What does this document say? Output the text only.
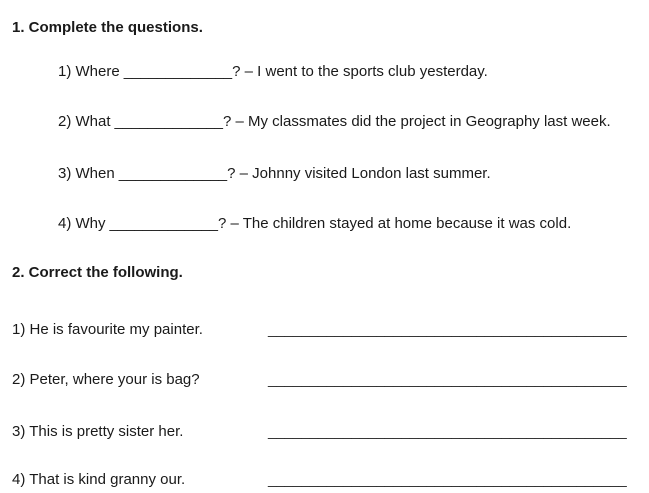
1. Complete the questions.
1) Where _____________? – I went to the sports club yesterday.
2) What _____________? – My classmates did the project in Geography last week.
3) When _____________? – Johnny visited London last summer.
4) Why _____________? – The children stayed at home because it was cold.
2. Correct the following.
1) He is favourite my painter.	___________________________________________
2) Peter, where your is bag?	___________________________________________
3) This is pretty sister her.	___________________________________________
4) That is kind granny our.	___________________________________________
